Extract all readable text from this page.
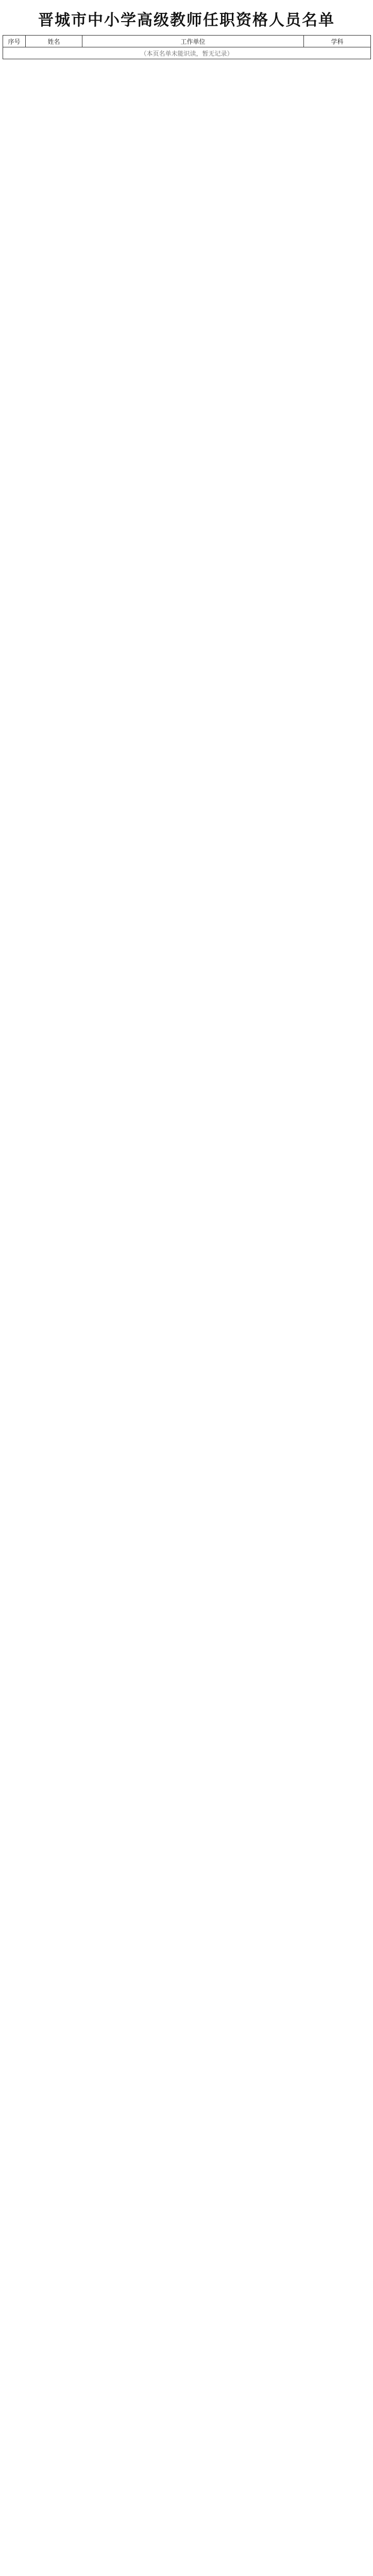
晋城市中小学高级教师任职资格人员名单
序号	姓名	工作单位	学科
（本页名单未能识读，暂无记录）
